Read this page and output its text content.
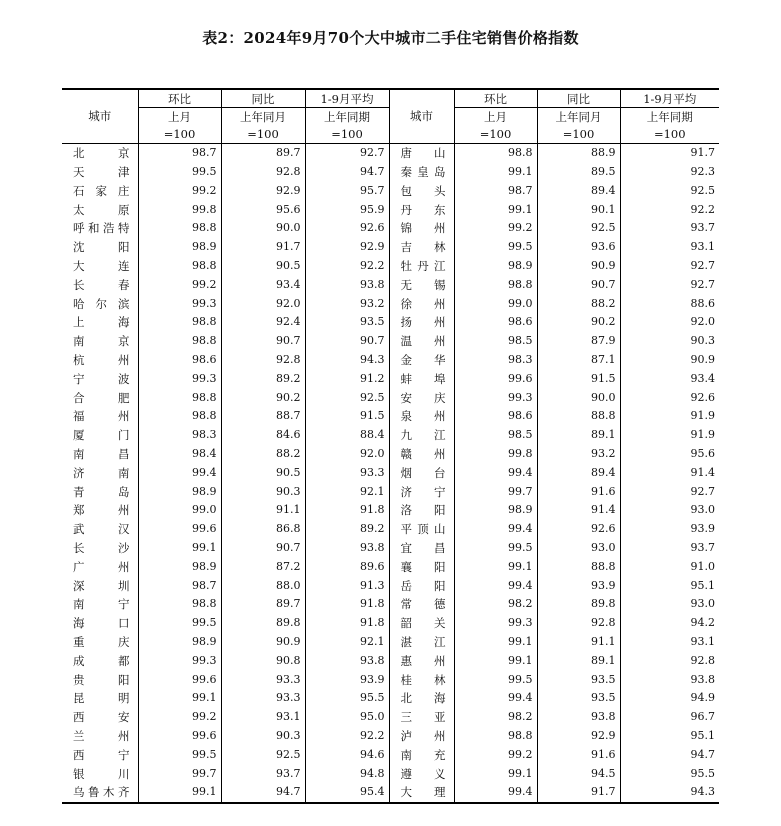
表2：2024年9月70个大中城市二手住宅销售价格指数
城市	环比	同比	1-9月平均	城市	环比	同比	1-9月平均
	上月	上年同月	上年同期		上月	上年同月	上年同期
	=100	=100	=100		=100	=100	=100
北京	98.7	89.7	92.7	唐山	98.8	88.9	91.7
天津	99.5	92.8	94.7	秦皇岛	99.1	89.5	92.3
石家庄	99.2	92.9	95.7	包头	98.7	89.4	92.5
太原	99.8	95.6	95.9	丹东	99.1	90.1	92.2
呼和浩特	98.8	90.0	92.6	锦州	99.2	92.5	93.7
沈阳	98.9	91.7	92.9	吉林	99.5	93.6	93.1
大连	98.8	90.5	92.2	牡丹江	98.9	90.9	92.7
长春	99.2	93.4	93.8	无锡	98.8	90.7	92.7
哈尔滨	99.3	92.0	93.2	徐州	99.0	88.2	88.6
上海	98.8	92.4	93.5	扬州	98.6	90.2	92.0
南京	98.8	90.7	90.7	温州	98.5	87.9	90.3
杭州	98.6	92.8	94.3	金华	98.3	87.1	90.9
宁波	99.3	89.2	91.2	蚌埠	99.6	91.5	93.4
合肥	98.8	90.2	92.5	安庆	99.3	90.0	92.6
福州	98.8	88.7	91.5	泉州	98.6	88.8	91.9
厦门	98.3	84.6	88.4	九江	98.5	89.1	91.9
南昌	98.4	88.2	92.0	赣州	99.8	93.2	95.6
济南	99.4	90.5	93.3	烟台	99.4	89.4	91.4
青岛	98.9	90.3	92.1	济宁	99.7	91.6	92.7
郑州	99.0	91.1	91.8	洛阳	98.9	91.4	93.0
武汉	99.6	86.8	89.2	平顶山	99.4	92.6	93.9
长沙	99.1	90.7	93.8	宜昌	99.5	93.0	93.7
广州	98.9	87.2	89.6	襄阳	99.1	88.8	91.0
深圳	98.7	88.0	91.3	岳阳	99.4	93.9	95.1
南宁	98.8	89.7	91.8	常德	98.2	89.8	93.0
海口	99.5	89.8	91.8	韶关	99.3	92.8	94.2
重庆	98.9	90.9	92.1	湛江	99.1	91.1	93.1
成都	99.3	90.8	93.8	惠州	99.1	89.1	92.8
贵阳	99.6	93.3	93.9	桂林	99.5	93.5	93.8
昆明	99.1	93.3	95.5	北海	99.4	93.5	94.9
西安	99.2	93.1	95.0	三亚	98.2	93.8	96.7
兰州	99.6	90.3	92.2	泸州	98.8	92.9	95.1
西宁	99.5	92.5	94.6	南充	99.2	91.6	94.7
银川	99.7	93.7	94.8	遵义	99.1	94.5	95.5
乌鲁木齐	99.1	94.7	95.4	大理	99.4	91.7	94.3
